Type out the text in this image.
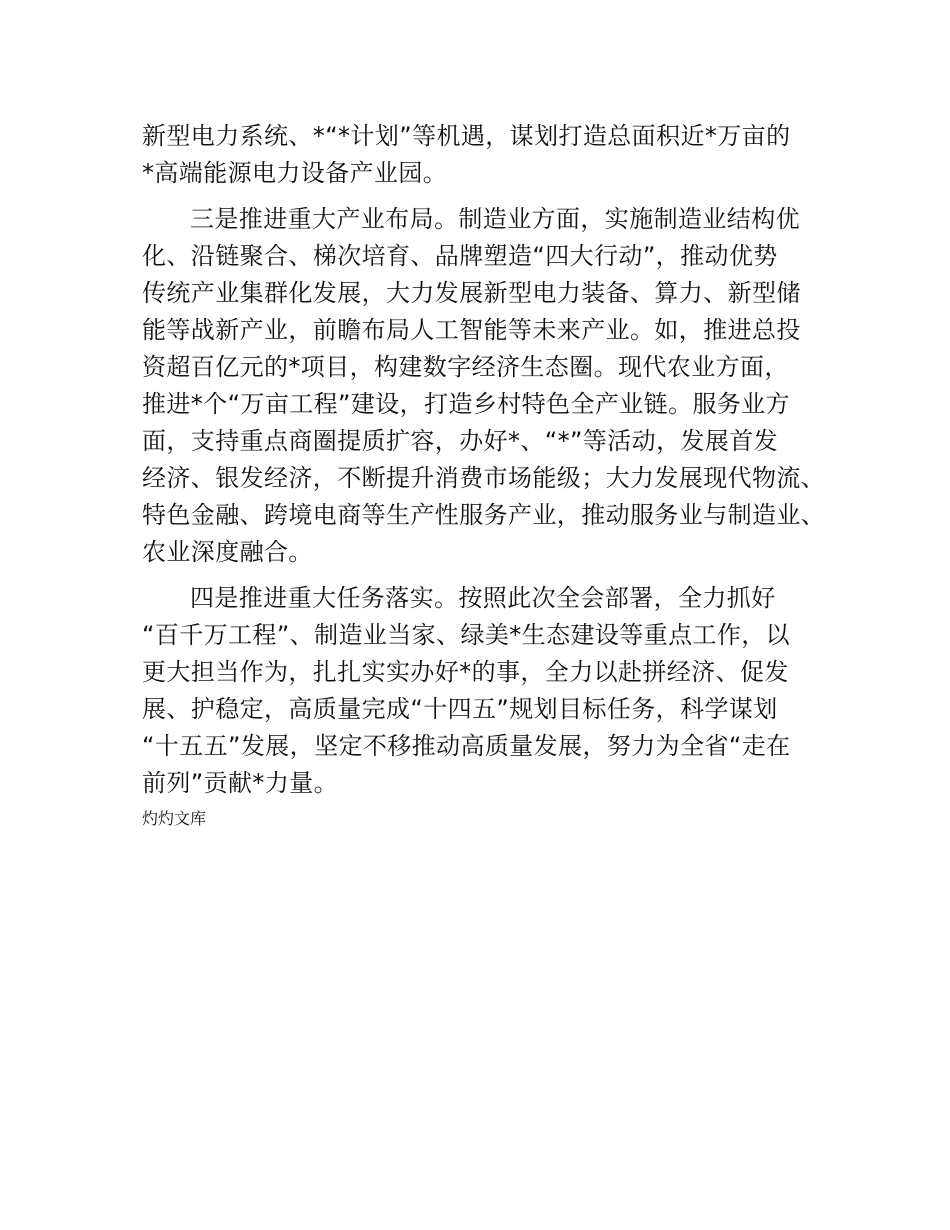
新型电力系统、*“*计划”等机遇，谋划打造总面积近*万亩的
*高端能源电力设备产业园。
三是推进重大产业布局。制造业方面，实施制造业结构优
化、沿链聚合、梯次培育、品牌塑造“四大行动”，推动优势
传统产业集群化发展，大力发展新型电力装备、算力、新型储
能等战新产业，前瞻布局人工智能等未来产业。如，推进总投
资超百亿元的*项目，构建数字经济生态圈。现代农业方面，
推进*个“万亩工程”建设，打造乡村特色全产业链。服务业方
面，支持重点商圈提质扩容，办好*、“*”等活动，发展首发
经济、银发经济，不断提升消费市场能级；大力发展现代物流、
特色金融、跨境电商等生产性服务产业，推动服务业与制造业、
农业深度融合。
四是推进重大任务落实。按照此次全会部署，全力抓好
“百千万工程”、制造业当家、绿美*生态建设等重点工作，以
更大担当作为，扎扎实实办好*的事，全力以赴拼经济、促发
展、护稳定，高质量完成“十四五”规划目标任务，科学谋划
“十五五”发展，坚定不移推动高质量发展，努力为全省“走在
前列”贡献*力量。
灼灼文库
